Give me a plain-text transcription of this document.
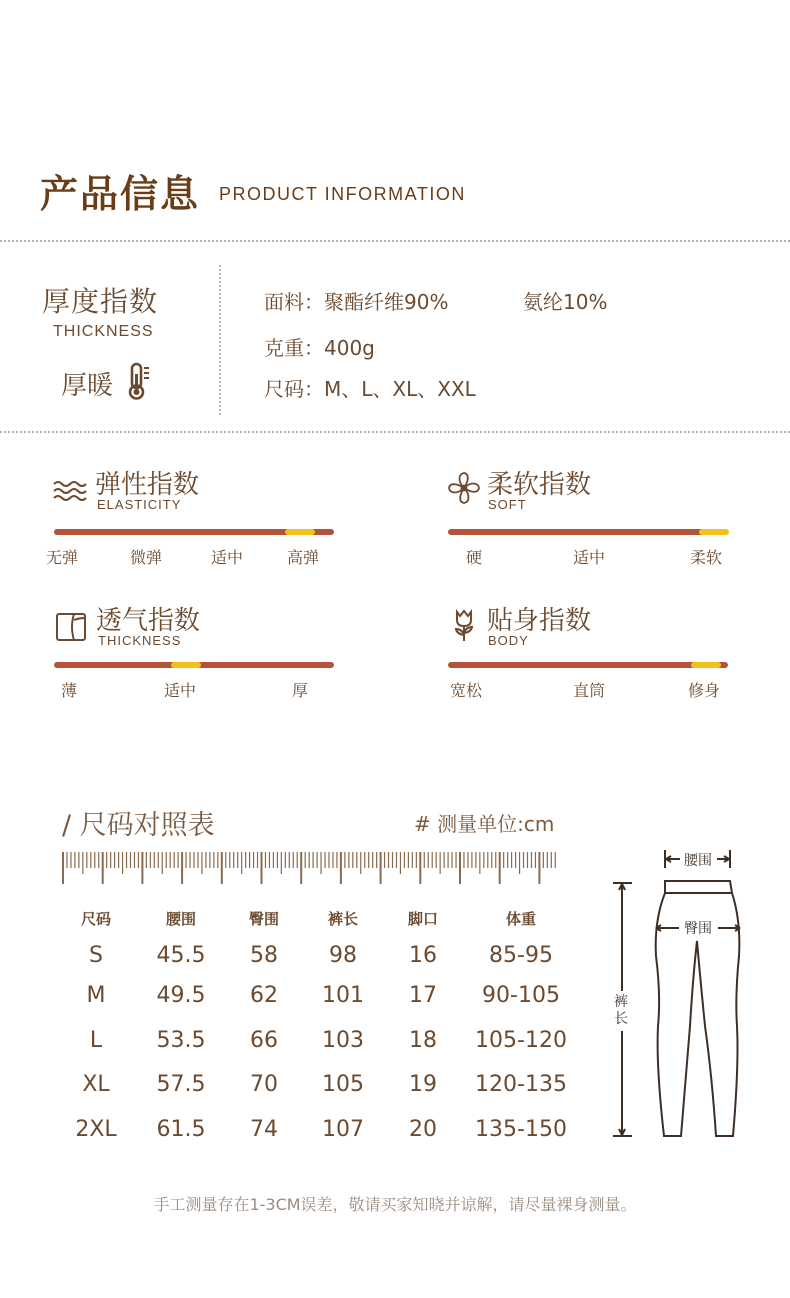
产品信息 PRODUCT INFORMATION
厚度指数
THICKNESS
厚暖
面料：聚酯纤维90%	氨纶10%
克重：400g
尺码：M、L、XL、XXL
弹性指数
ELASTICITY
无弹	微弹	适中	高弹
柔软指数
SOFT
硬	适中	柔软
透气指数
THICKNESS
薄	适中	厚
贴身指数
BODY
宽松	直筒	修身
/ 尺码对照表	# 测量单位:cm
尺码	腰围	臀围	裤长	脚口	体重
S	45.5	58	98	16	85-95
M	49.5	62	101	17	90-105
L	53.5	66	103	18	105-120
XL	57.5	70	105	19	120-135
2XL	61.5	74	107	20	135-150
腰围
臀围
裤
长
手工测量存在1-3CM误差，敬请买家知晓并谅解，请尽量裸身测量。
